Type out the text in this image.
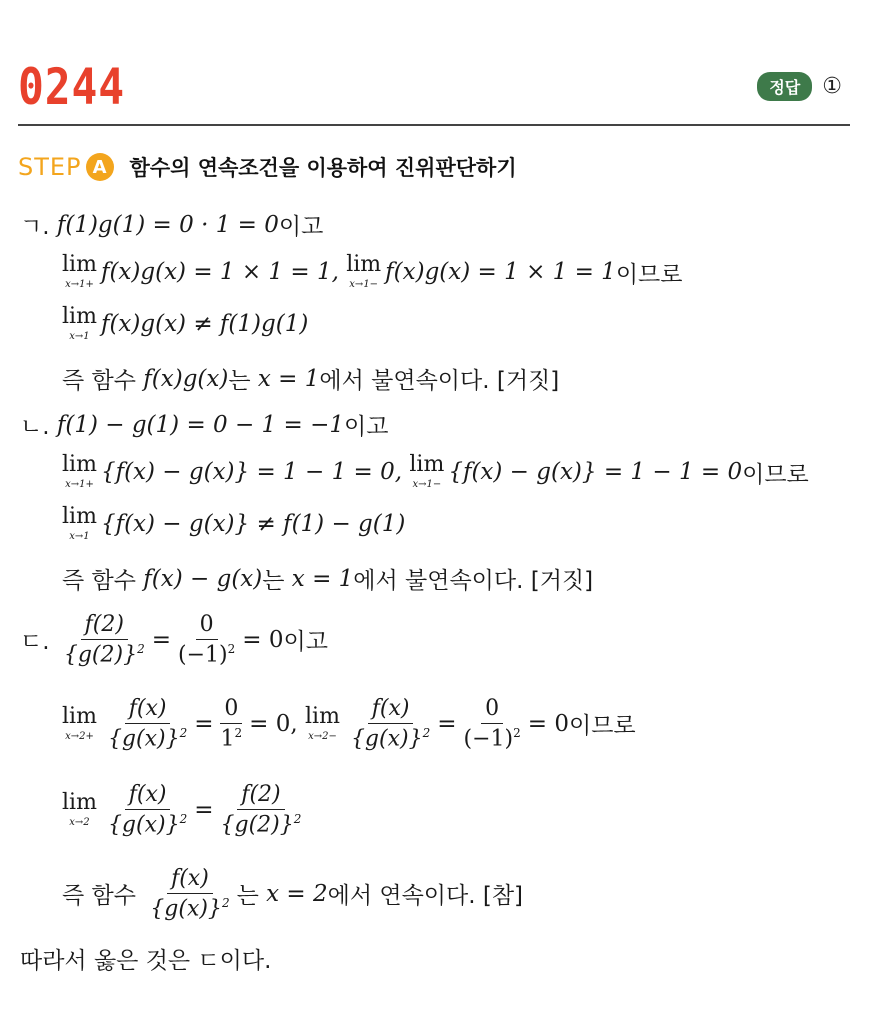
0244	정답	①
STEP A	함수의 연속조건을 이용하여 진위판단하기
ㄱ.
f(1)g(1) = 0 · 1 = 0 이고
lim
x→1+ f(x)g(x) = 1 × 1 = 1,
lim
x→1− f(x)g(x) = 1 × 1 = 1 이므로
lim
x→1 f(x)g(x) ≠ f(1)g(1)
즉 함수
f(x)g(x) 는
x = 1 에서 불연속이다. [거짓]
ㄴ.
f(1) − g(1) = 0 − 1 = −1 이고
lim
x→1+ {f(x) − g(x)} = 1 − 1 = 0,
lim
x→1− {f(x) − g(x)} = 1 − 1 = 0 이므로
lim
x→1 {f(x) − g(x)} ≠ f(1) − g(1)
즉 함수
f(x) − g(x) 는
x = 1 에서 불연속이다. [거짓]
ㄷ.
$\frac{f(2)}{\{g(2)\}^2} = \frac{0}{(-1)^2} = 0$ 이고
lim
$x\to 2+ \frac{f(x)}{\{g(x)\}^2} = \frac{0}{1^2} = 0$,
lim
$x\to 2- \frac{f(x)}{\{g(x)\}^2} = \frac{0}{(-1)^2} = 0$ 이므로
lim
$x\to 2 \frac{f(x)}{\{g(x)\}^2} = \frac{f(2)}{\{g(2)\}^2}$
즉 함수
$\frac{f(x)}{\{g(x)\}^2}$ 는
x = 2 에서 연속이다. [참]
따라서 옳은 것은 ㄷ이다.
